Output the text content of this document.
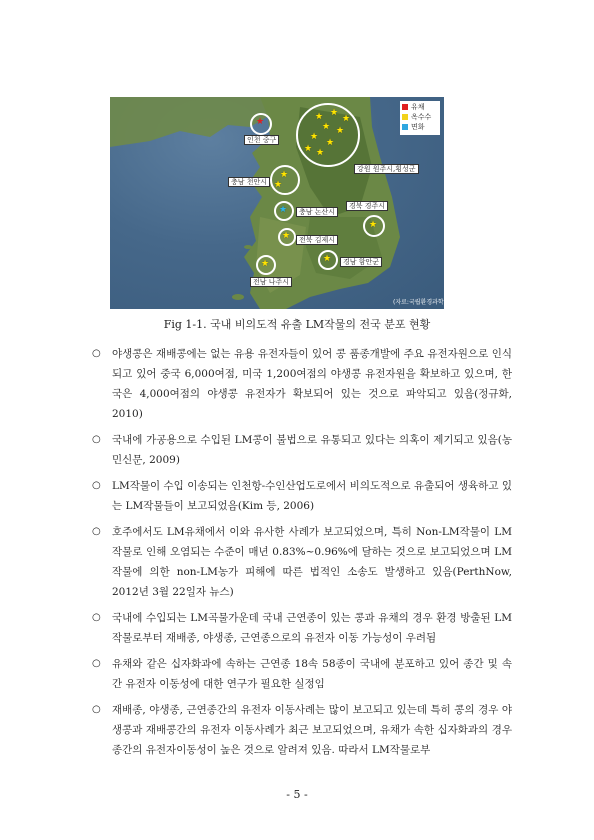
★	★ ★
★
★ ★
★
★
★
★
★
★
★
★
★
★
★
인천 중구
강원 원주시,횡성군
충남 천안시
충남 논산시
경북 경주시
전북 김제시
경남 함안군
전남 나주시
유채
옥수수
면화
(자료:국립환경과학원)
Fig 1-1. 국내 비의도적 유출 LM작물의 전국 분포 현황
○ 야생콩은 재배콩에는 없는 유용 유전자들이 있어 콩 품종개발에 주요 유전자원으로 인식되고 있어 중국 6,000여점, 미국 1,200여점의 야생콩 유전자원을 확보하고 있으며, 한국은 4,000여점의 야생콩 유전자가 확보되어 있는 것으로 파악되고 있음(정규화, 2010)
○ 국내에 가공용으로 수입된 LM콩이 불법으로 유통되고 있다는 의혹이 제기되고 있음(농민신문, 2009)
○ LM작물이 수입 이송되는 인천항-수인산업도로에서 비의도적으로 유출되어 생육하고 있는 LM작물들이 보고되었음(Kim 등, 2006)
○ 호주에서도 LM유채에서 이와 유사한 사례가 보고되었으며, 특히 Non-LM작물이 LM작물로 인해 오염되는 수준이 매년 0.83%~0.96%에 달하는 것으로 보고되었으며 LM작물에 의한 non-LM농가 피해에 따른 법적인 소송도 발생하고 있음(PerthNow, 2012년 3월 22일자 뉴스)
○ 국내에 수입되는 LM곡물가운데 국내 근연종이 있는 콩과 유채의 경우 환경 방출된 LM작물로부터 재배종, 야생종, 근연종으로의 유전자 이동 가능성이 우려됨
○ 유채와 같은 십자화과에 속하는 근연종 18속 58종이 국내에 분포하고 있어 종간 및 속간 유전자 이동성에 대한 연구가 필요한 실정임
○ 재배종, 야생종, 근연종간의 유전자 이동사례는 많이 보고되고 있는데 특히 콩의 경우 야생콩과 재배콩간의 유전자 이동사례가 최근 보고되었으며, 유채가 속한 십자화과의 경우 종간의 유전자이동성이 높은 것으로 알려져 있음. 따라서 LM작물로부
- 5 -
